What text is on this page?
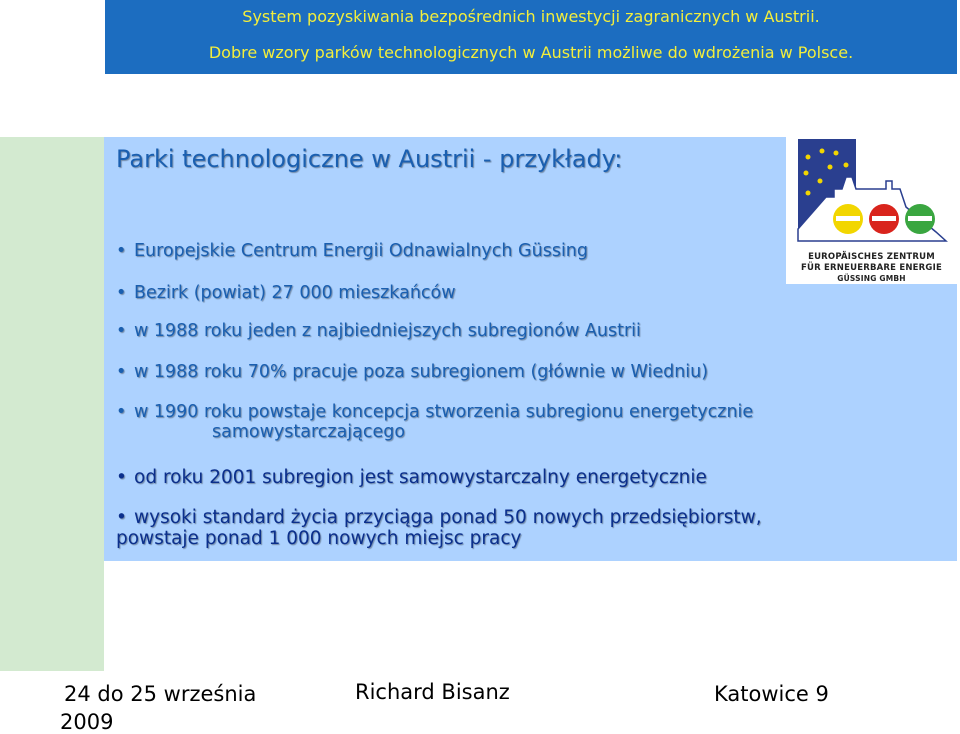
System pozyskiwania bezpośrednich inwestycji zagranicznych w Austrii.
Dobre wzory parków technologicznych w Austrii możliwe do wdrożenia w Polsce.
Parki technologiczne w Austrii - przykłady:
EUROPÄISCHES ZENTRUM
FÜR ERNEUERBARE ENERGIE
GÜSSING GMBH
• Europejskie Centrum Energii Odnawialnych Güssing
• Bezirk (powiat) 27 000 mieszkańców
• w 1988 roku jeden z najbiedniejszych subregionów Austrii
• w 1988 roku 70% pracuje poza subregionem (głównie w Wiedniu)
• w 1990 roku powstaje koncepcja stworzenia subregionu energetycznie
samowystarczającego
• od roku 2001 subregion jest samowystarczalny energetycznie
• wysoki standard życia przyciąga ponad 50 nowych przedsiębiorstw,
powstaje ponad 1 000 nowych miejsc pracy
24 do 25 września
2009
Richard Bisanz	Katowice 9
